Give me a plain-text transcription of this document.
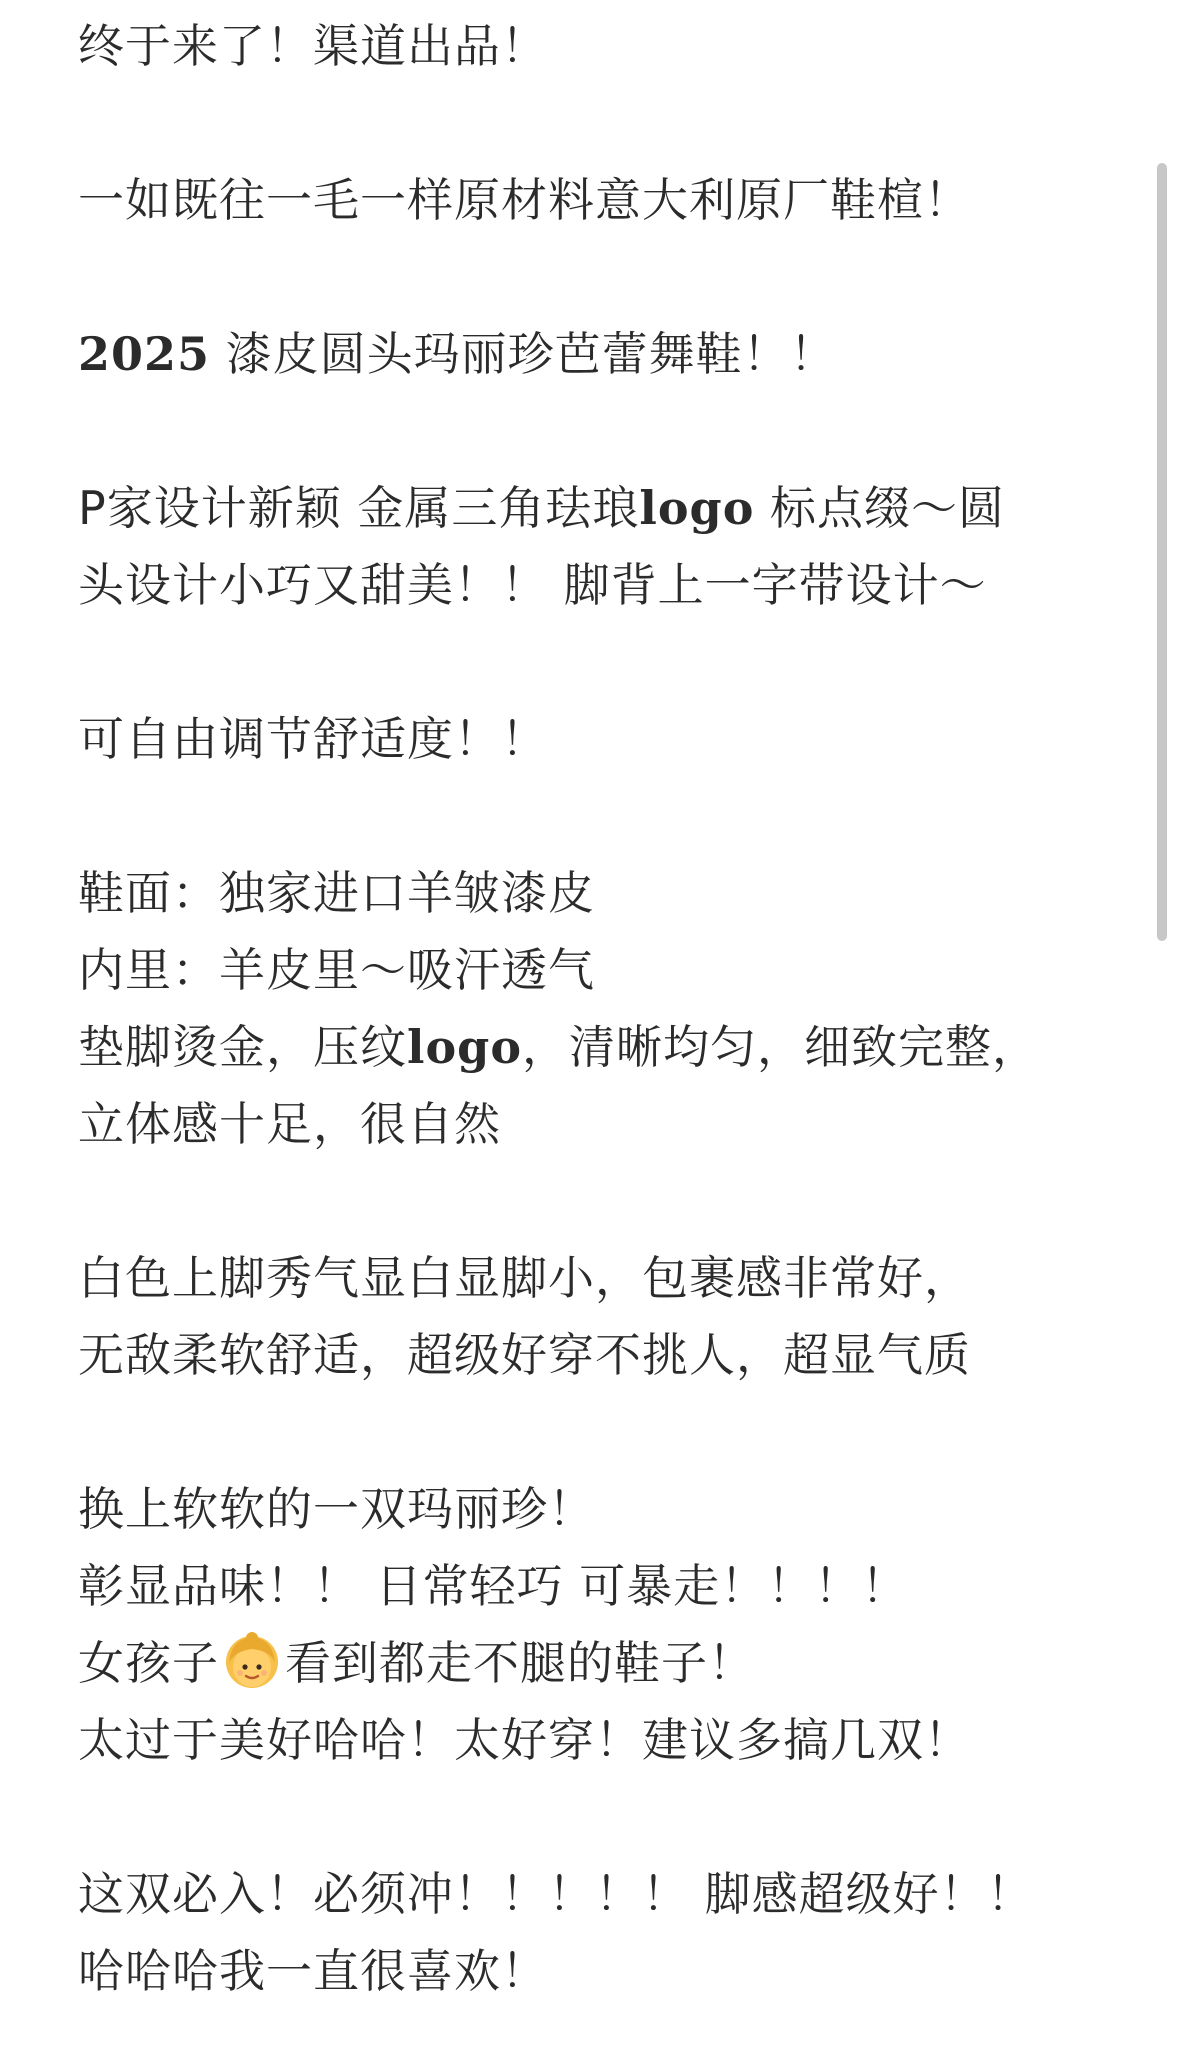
终于来了！渠道出品！
一如既往一毛一样原材料意大利原厂鞋楦！
2025 漆皮圆头玛丽珍芭蕾舞鞋！！
P家设计新颖 金属三角珐琅logo 标点缀～圆
头设计小巧又甜美！！ 脚背上一字带设计～
可自由调节舒适度！！
鞋面：独家进口羊皱漆皮
内里：羊皮里～吸汗透气
垫脚烫金，压纹logo，清晰均匀，细致完整，
立体感十足，很自然
白色上脚秀气显白显脚小，包裹感非常好，
无敌柔软舒适，超级好穿不挑人，超显气质
换上软软的一双玛丽珍！
彰显品味！！ 日常轻巧 可暴走！！！！
女孩子 看到都走不腿的鞋子！
太过于美好哈哈！太好穿！建议多搞几双！
这双必入！必须冲！！！！！ 脚感超级好！！
哈哈哈我一直很喜欢！
